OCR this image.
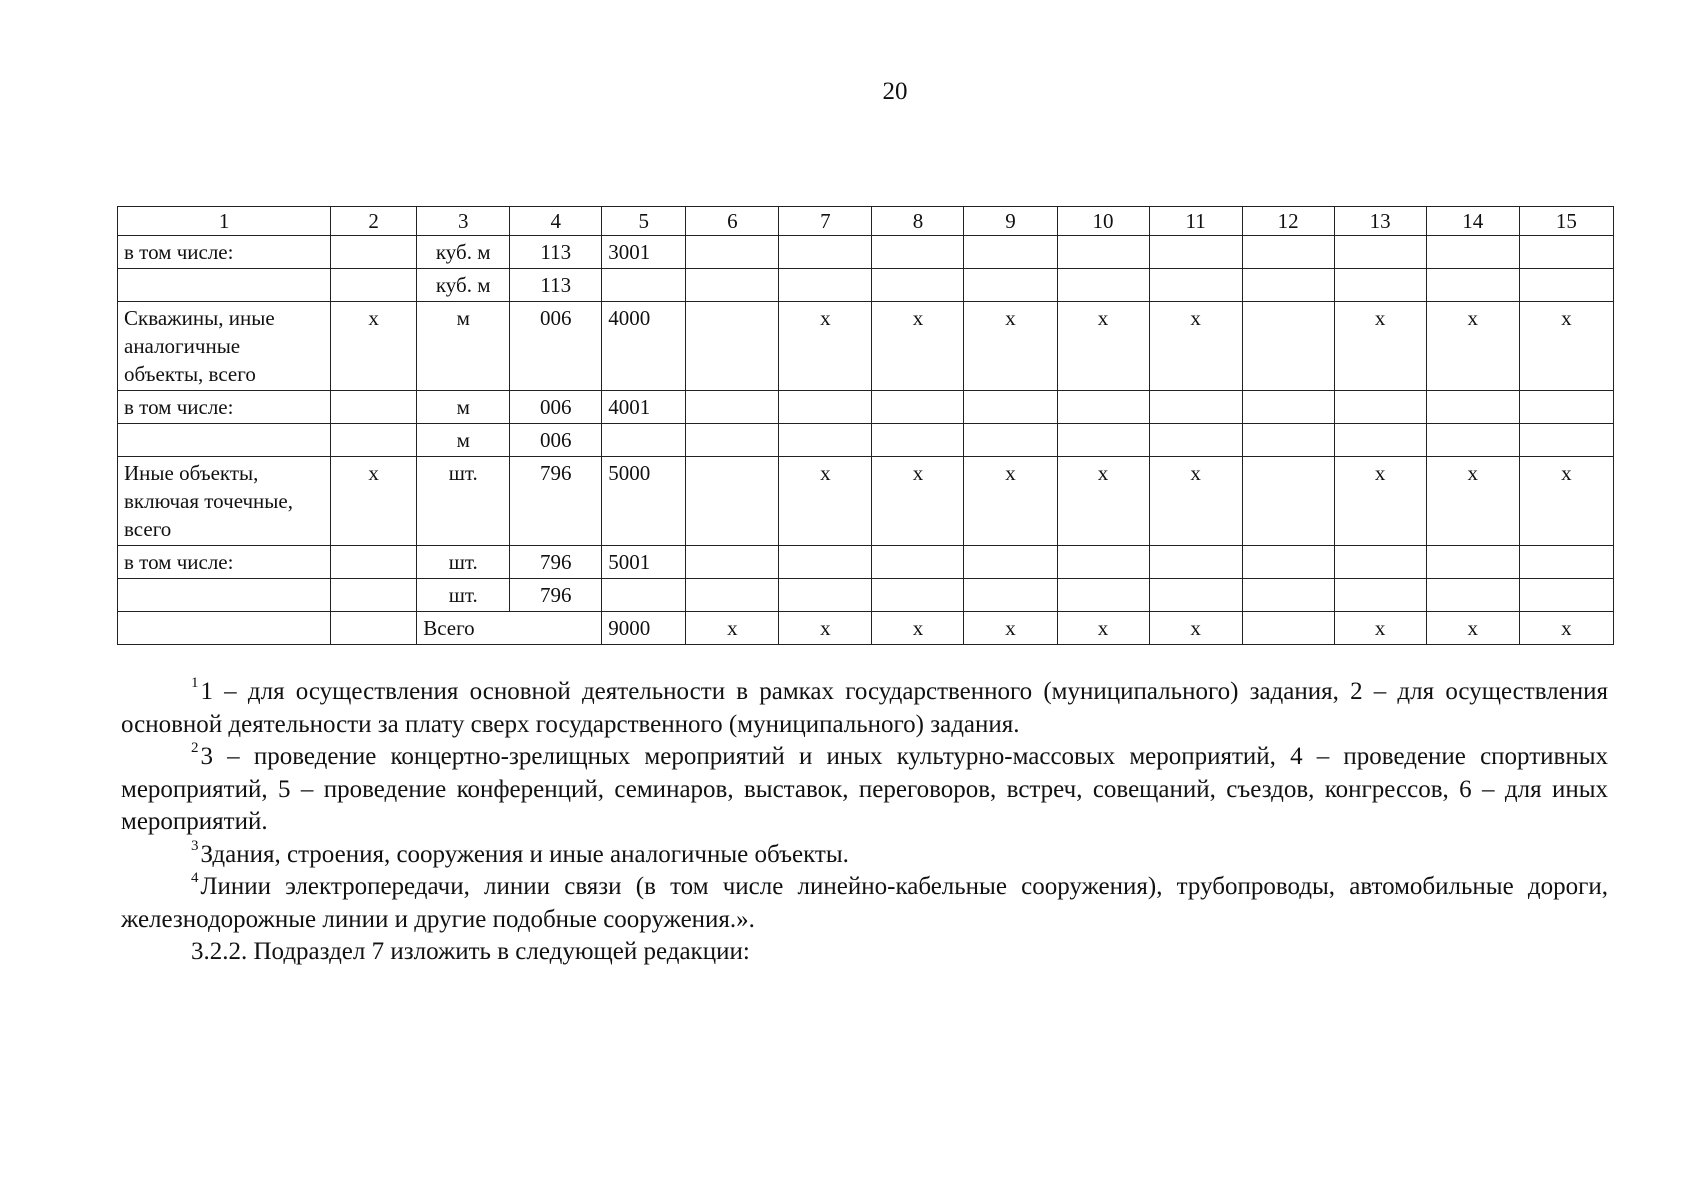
20
1	2	3	4	5	6	7	8	9	10	11	12	13	14	15
в том числе:		куб. м	113	3001										
		куб. м	113											
Скважины, иные аналогичные объекты, всего	х	м	006	4000		х	х	х	х	х		х	х	х
в том числе:		м	006	4001										
		м	006											
Иные объекты, включая точечные, всего	х	шт.	796	5000		х	х	х	х	х		х	х	х
в том числе:		шт.	796	5001										
		шт.	796											
		Всего		9000	х	х	х	х	х	х		х	х	х

$^1$1 – для осуществления основной деятельности в рамках государственного (муниципального) задания, 2 – для осуществления основной деятельности за плату сверх государственного (муниципального) задания.

$^2$3 – проведение концертно-зрелищных мероприятий и иных культурно-массовых мероприятий, 4 – проведение спортивных мероприятий, 5 – проведение конференций, семинаров, выставок, переговоров, встреч, совещаний, съездов, конгрессов, 6 – для иных мероприятий.

$^3$Здания, строения, сооружения и иные аналогичные объекты.

$^4$Линии электропередачи, линии связи (в том числе линейно-кабельные сооружения), трубопроводы, автомобильные дороги, железнодорожные линии и другие подобные сооружения.».

3.2.2. Подраздел 7 изложить в следующей редакции:
